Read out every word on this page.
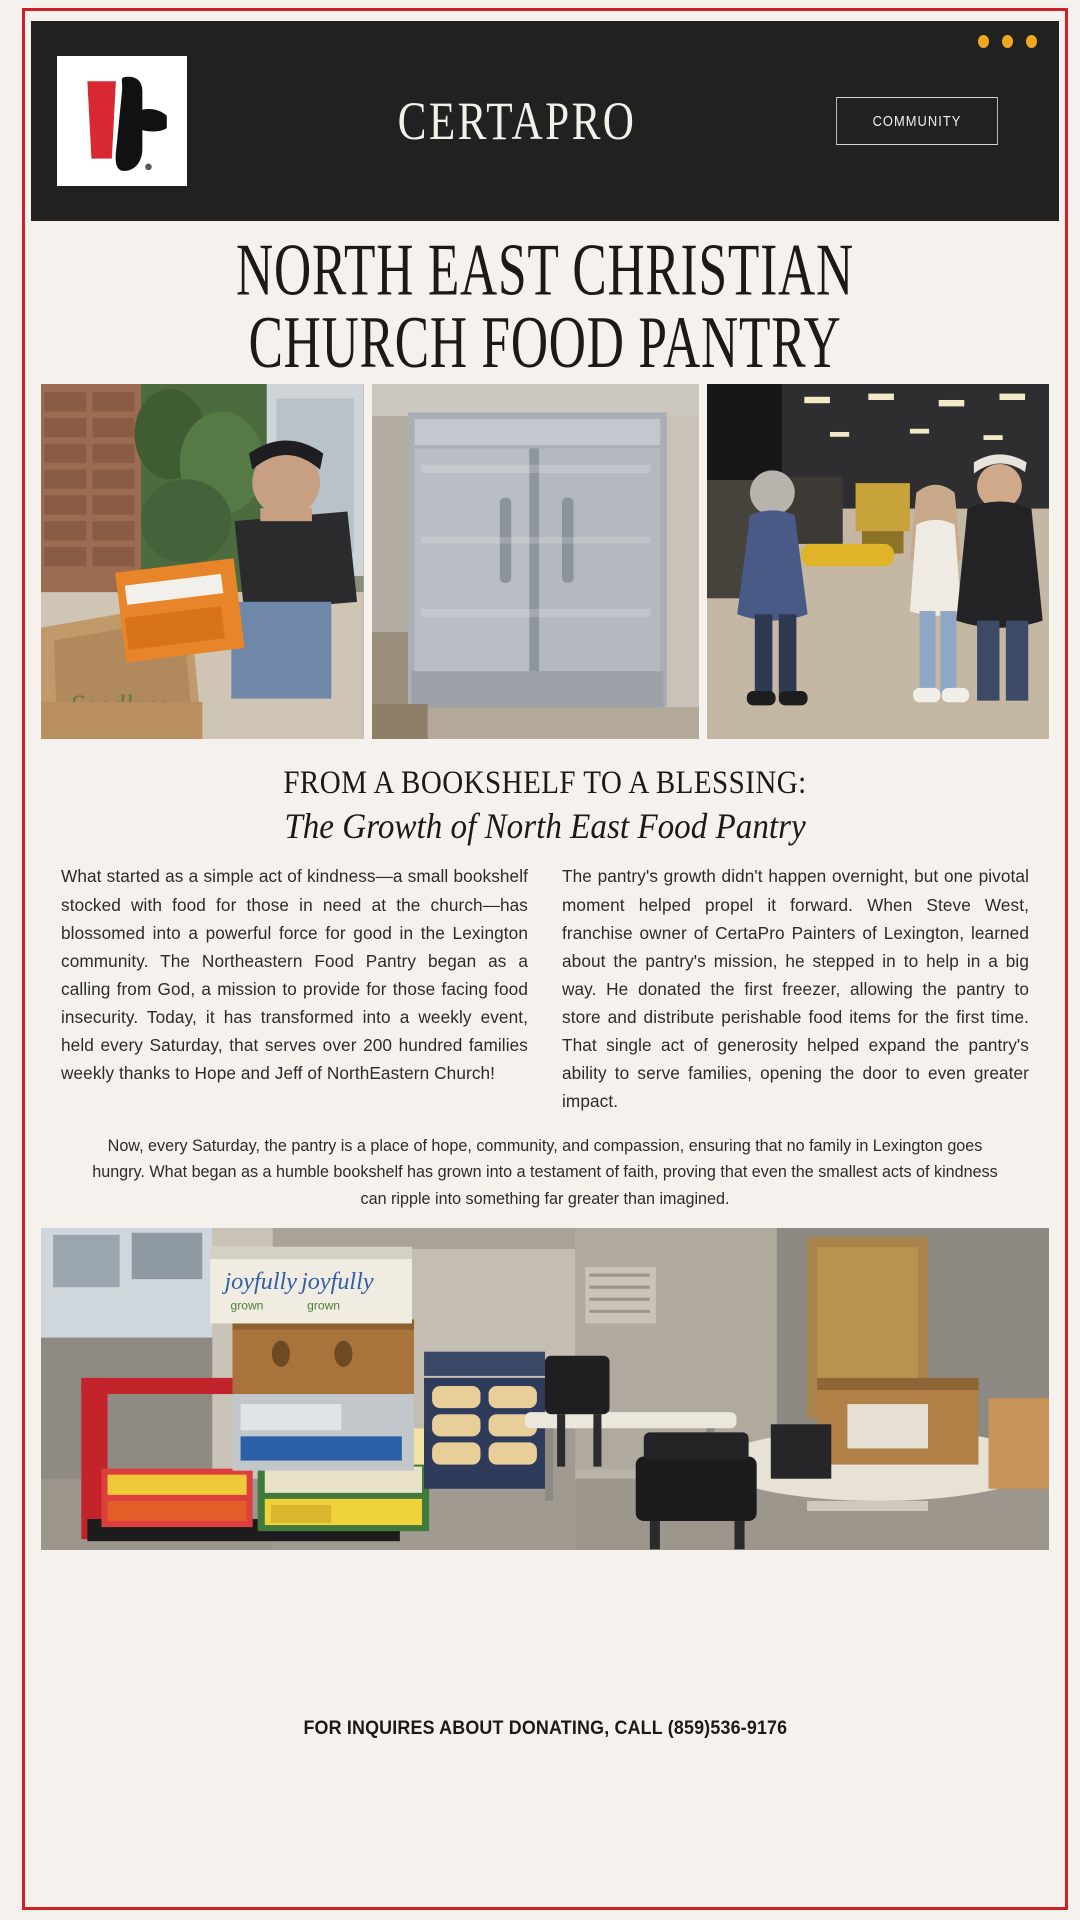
CERTAPRO	COMMUNITY
NORTH EAST CHRISTIAN
CHURCH FOOD PANTRY
FROM A BOOKSHELF TO A BLESSING:
The Growth of North East Food Pantry
What started as a simple act of kindness—a small bookshelf stocked with food for those in need at the church—has blossomed into a powerful force for good in the Lexington community. The Northeastern Food Pantry began as a calling from God, a mission to provide for those facing food insecurity. Today, it has transformed into a weekly event, held every Saturday, that serves over 200 hundred families weekly thanks to Hope and Jeff of NorthEastern Church!
The pantry's growth didn't happen overnight, but one pivotal moment helped propel it forward. When Steve West, franchise owner of CertaPro Painters of Lexington, learned about the pantry's mission, he stepped in to help in a big way. He donated the first freezer, allowing the pantry to store and distribute perishable food items for the first time. That single act of generosity helped expand the pantry's ability to serve families, opening the door to even greater impact.
Now, every Saturday, the pantry is a place of hope, community, and compassion, ensuring that no family in Lexington goes hungry. What began as a humble bookshelf has grown into a testament of faith, proving that even the smallest acts of kindness can ripple into something far greater than imagined.
joyfully
grown
joyfully
grown
FOR INQUIRES ABOUT DONATING, CALL (859)536-9176
